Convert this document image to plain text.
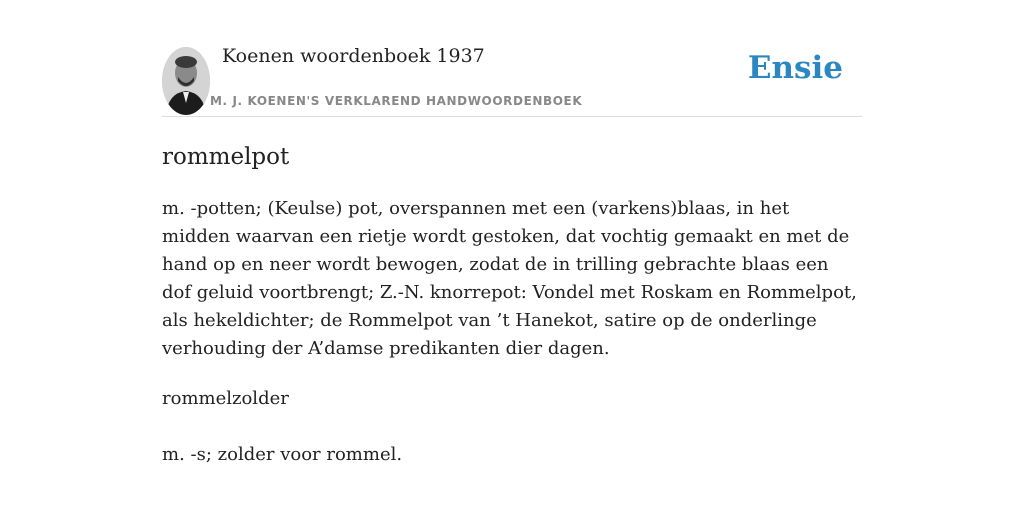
Koenen woordenboek 1937
M. J. KOENEN'S VERKLAREND HANDWOORDENBOEK
Ensie
rommelpot

m. -potten; (Keulse) pot, overspannen met een (varkens)blaas, in het midden waarvan een rietje wordt gestoken, dat vochtig gemaakt en met de hand op en neer wordt bewogen, zodat de in trilling gebrachte blaas een dof geluid voortbrengt; Z.-N. knorrepot: Vondel met Roskam en Rommelpot, als hekeldichter; de Rommelpot van ’t Hanekot, satire op de onderlinge verhouding der A’damse predikanten dier dagen.

rommelzolder

m. -s; zolder voor rommel.
